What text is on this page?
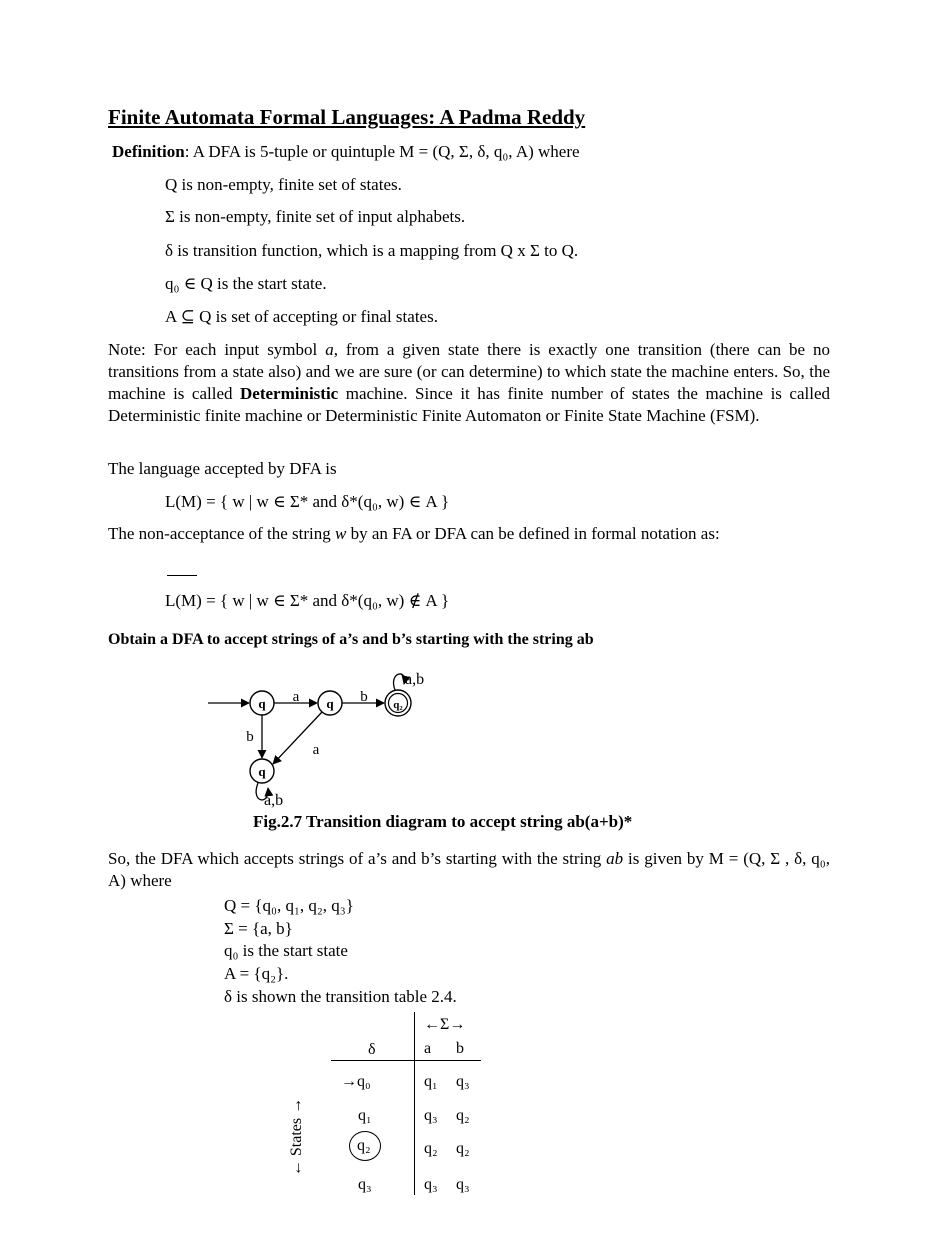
Finite Automata Formal Languages: A Padma Reddy
Definition: A DFA is 5-tuple or quintuple M = (Q, Σ, δ, q₀, A) where
Q is non-empty, finite set of states.
Σ is non-empty, finite set of input alphabets.
δ is transition function, which is a mapping from Q x Σ to Q.
q₀ ∈ Q is the start state.
A ⊆ Q is set of accepting or final states.
Note: For each input symbol a, from a given state there is exactly one transition (there can be no transitions from a state also) and we are sure (or can determine) to which state the machine enters. So, the machine is called Deterministic machine. Since it has finite number of states the machine is called Deterministic finite machine or Deterministic Finite Automaton or Finite State Machine (FSM).
The language accepted by DFA is
L(M) = { w | w ∈ Σ* and δ*(q₀, w) ∈ A }
The non-acceptance of the string w by an FA or DFA can be defined in formal notation as:
L(M) = { w | w ∈ Σ* and δ*(q₀, w) ∉ A }
Obtain a DFA to accept strings of a’s and b’s starting with the string ab
q	q	q₂
q
a	b
b
a
a,b
a,b
Fig.2.7 Transition diagram to accept string ab(a+b)*
So, the DFA which accepts strings of a’s and b’s starting with the string ab is given by M = (Q, Σ , δ, q₀, A) where
Q = {q₀, q₁, q₂, q₃}
Σ = {a, b}
q₀ is the start state
A = {q₂}.
δ is shown the transition table 2.4.
←Σ→
δ	a b
→q₀	q₁ q₃
q₁	q₃ q₂
q₂	q₂ q₂
q₃	q₃ q₃
← States →
